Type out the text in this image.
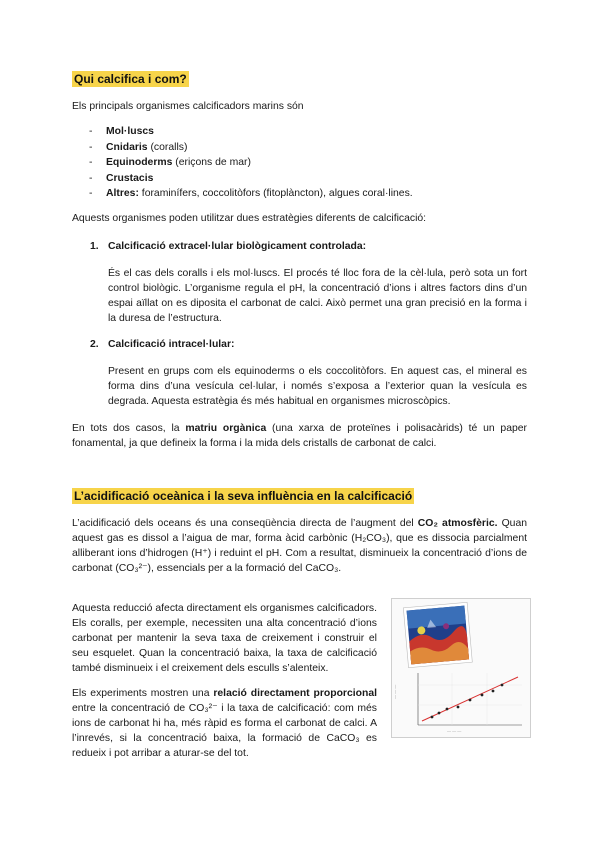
Qui calcifica i com?

Els principals organismes calcificadors marins són

- Mol·luscs
- Cnidaris (coralls)
- Equinoderms (eriçons de mar)
- Crustacis
- Altres: foraminífers, coccolitòfors (fitoplàncton), algues coral·lines.

Aquests organismes poden utilitzar dues estratègies diferents de calcificació:

1. Calcificació extracel·lular biològicament controlada:

És el cas dels coralls i els mol·luscs. El procés té lloc fora de la cèl·lula, però sota un fort control biològic. L’organisme regula el pH, la concentració d’ions i altres factors dins d’un espai aïllat on es diposita el carbonat de calci. Això permet una gran precisió en la forma i la duresa de l’estructura.

2. Calcificació intracel·lular:

Present en grups com els equinoderms o els coccolitòfors. En aquest cas, el mineral es forma dins d’una vesícula cel·lular, i només s’exposa a l’exterior quan la vesícula es degrada. Aquesta estratègia és més habitual en organismes microscòpics.

En tots dos casos, la matriu orgànica (una xarxa de proteïnes i polisacàrids) té un paper fonamental, ja que defineix la forma i la mida dels cristalls de carbonat de calci.

L’acidificació oceànica i la seva influència en la calcificació

L’acidificació dels oceans és una conseqüència directa de l’augment del CO₂ atmosfèric. Quan aquest gas es dissol a l’aigua de mar, forma àcid carbònic (H₂CO₃), que es dissocia parcialment alliberant ions d’hidrogen (H⁺) i reduint el pH. Com a resultat, disminueix la concentració d’ions de carbonat (CO₃²⁻), essencials per a la formació del CaCO₃.

Aquesta reducció afecta directament els organismes calcificadors. Els coralls, per exemple, necessiten una alta concentració d’ions carbonat per mantenir la seva taxa de creixement i construir el seu esquelet. Quan la concentració baixa, la taxa de calcificació també disminueix i el creixement dels esculls s’alenteix.

Els experiments mostren una relació directament proporcional entre la concentració de CO₃²⁻ i la taxa de calcificació: com més ions de carbonat hi ha, més ràpid es forma el carbonat de calci. A l’inrevés, si la concentració baixa, la formació de CaCO₃ es redueix i pot arribar a aturar-se del tot.

— — —
— — —
